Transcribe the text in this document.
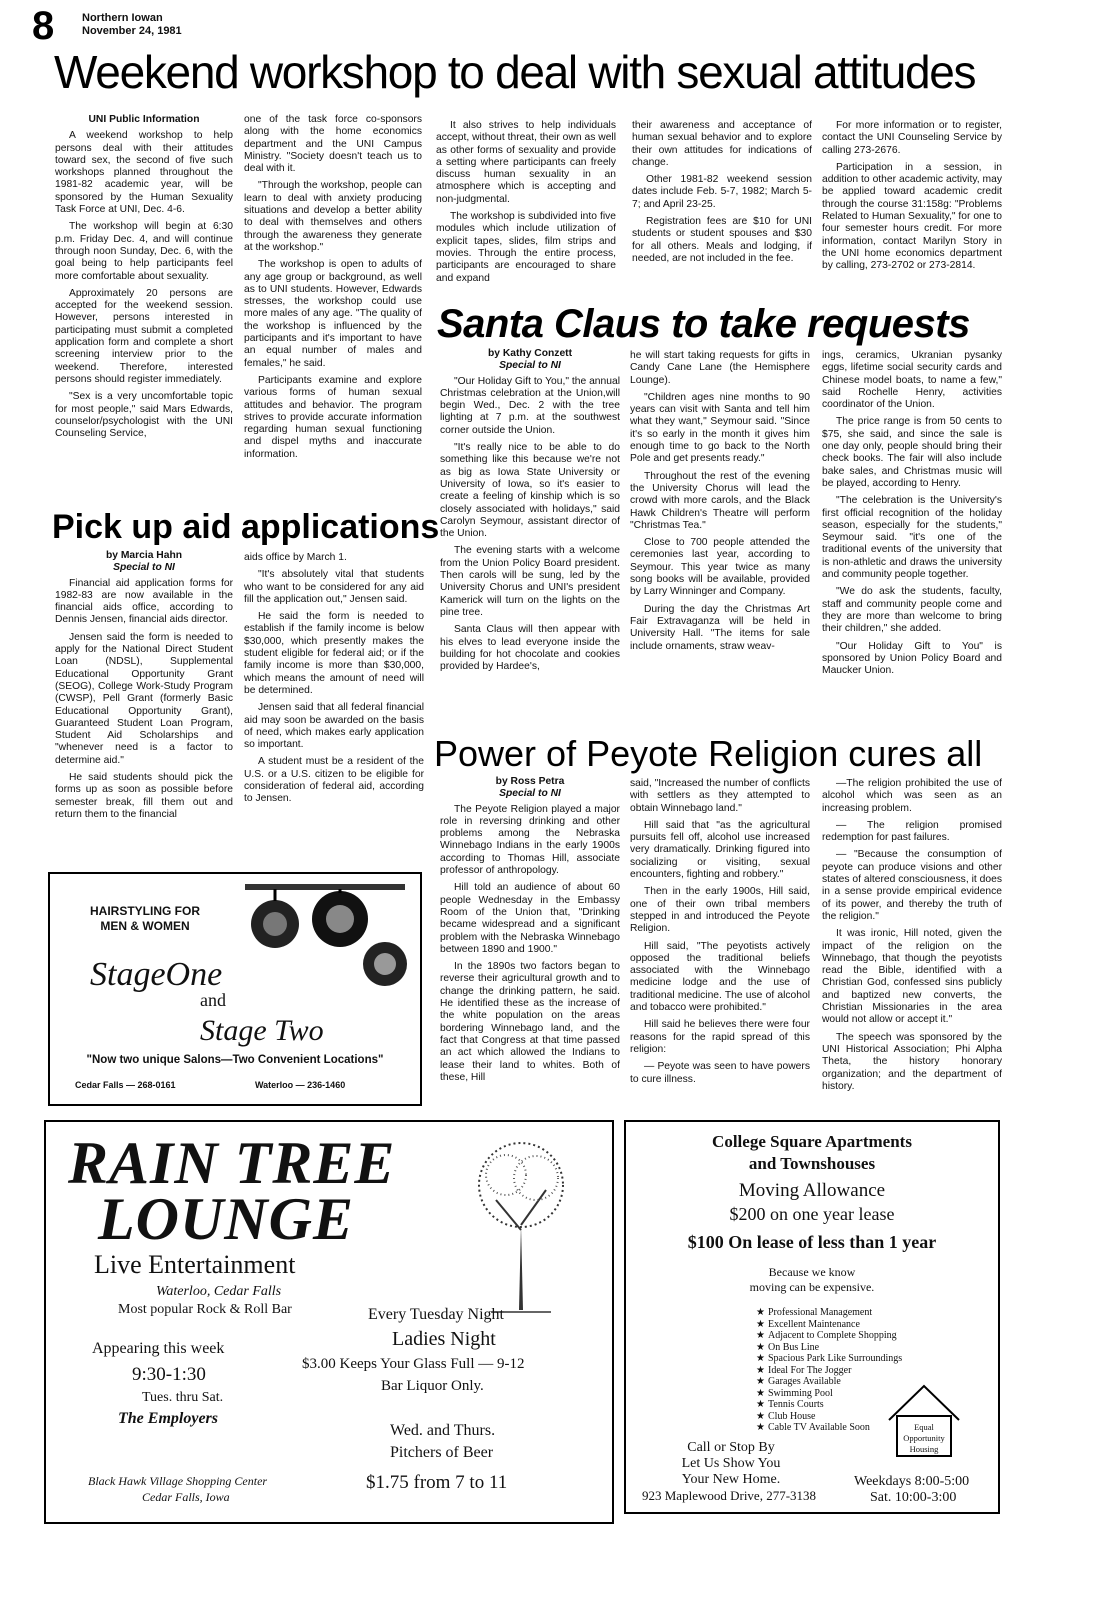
8	Northern Iowan
November 24, 1981
Weekend workshop to deal with sexual attitudes

UNI Public Information

A weekend workshop to help persons deal with their attitudes toward sex, the second of five such workshops planned throughout the 1981-82 academic year, will be sponsored by the Human Sexuality Task Force at UNI, Dec. 4-6.

The workshop will begin at 6:30 p.m. Friday Dec. 4, and will continue through noon Sunday, Dec. 6, with the goal being to help participants feel more comfortable about sexuality.

Approximately 20 persons are accepted for the weekend session. However, persons interested in participating must submit a completed application form and complete a short screening interview prior to the weekend. Therefore, interested persons should register immediately.

"Sex is a very uncomfortable topic for most people," said Mars Edwards, counselor/psychologist with the UNI Counseling Service,

one of the task force co-sponsors along with the home economics department and the UNI Campus Ministry. "Society doesn't teach us to deal with it.

"Through the workshop, people can learn to deal with anxiety producing situations and develop a better ability to deal with themselves and others through the awareness they generate at the workshop."

The workshop is open to adults of any age group or background, as well as to UNI students. However, Edwards stresses, the workshop could use more males of any age. "The quality of the workshop is influenced by the participants and it's important to have an equal number of males and females," he said.

Participants examine and explore various forms of human sexual attitudes and behavior. The program strives to provide accurate information regarding human sexual functioning and dispel myths and inaccurate information.

It also strives to help individuals accept, without threat, their own as well as other forms of sexuality and provide a setting where participants can freely discuss human sexuality in an atmosphere which is accepting and non-judgmental.

The workshop is subdivided into five modules which include utilization of explicit tapes, slides, film strips and movies. Through the entire process, participants are encouraged to share and expand

their awareness and acceptance of human sexual behavior and to explore their own attitudes for indications of change.

Other 1981-82 weekend session dates include Feb. 5-7, 1982; March 5-7; and April 23-25.

Registration fees are $10 for UNI students or student spouses and $30 for all others. Meals and lodging, if needed, are not included in the fee.

For more information or to register, contact the UNI Counseling Service by calling 273-2676.

Participation in a session, in addition to other academic activity, may be applied toward academic credit through the course 31:158g: "Problems Related to Human Sexuality," for one to four semester hours credit. For more information, contact Marilyn Story in the UNI home economics department by calling, 273-2702 or 273-2814.

Santa Claus to take requests

by Kathy Conzett

Special to NI

"Our Holiday Gift to You," the annual Christmas celebration at the Union,will begin Wed., Dec. 2 with the tree lighting at 7 p.m. at the southwest corner outside the Union.

"It's really nice to be able to do something like this because we're not as big as Iowa State University or University of Iowa, so it's easier to create a feeling of kinship which is so closely associated with holidays," said Carolyn Seymour, assistant director of the Union.

The evening starts with a welcome from the Union Policy Board president. Then carols will be sung, led by the University Chorus and UNI's president Kamerick will turn on the lights on the pine tree.

Santa Claus will then appear with his elves to lead everyone inside the building for hot chocolate and cookies provided by Hardee's,

he will start taking requests for gifts in Candy Cane Lane (the Hemisphere Lounge).

"Children ages nine months to 90 years can visit with Santa and tell him what they want," Seymour said. "Since it's so early in the month it gives him enough time to go back to the North Pole and get presents ready."

Throughout the rest of the evening the University Chorus will lead the crowd with more carols, and the Black Hawk Children's Theatre will perform "Christmas Tea."

Close to 700 people attended the ceremonies last year, according to Seymour. This year twice as many song books will be available, provided by Larry Winninger and Company.

During the day the Christmas Art Fair Extravaganza will be held in University Hall. "The items for sale include ornaments, straw weav-

ings, ceramics, Ukranian pysanky eggs, lifetime social security cards and Chinese model boats, to name a few," said Rochelle Henry, activities coordinator of the Union.

The price range is from 50 cents to $75, she said, and since the sale is one day only, people should bring their check books. The fair will also include bake sales, and Christmas music will be played, according to Henry.

"The celebration is the University's first official recognition of the holiday season, especially for the students," Seymour said. "it's one of the traditional events of the university that is non-athletic and draws the university and community people together.

"We do ask the students, faculty, staff and community people come and they are more than welcome to bring their children," she added.

"Our Holiday Gift to You" is sponsored by Union Policy Board and Maucker Union.

Pick up aid applications

by Marcia Hahn

Special to NI

Financial aid application forms for 1982-83 are now available in the financial aids office, according to Dennis Jensen, financial aids director.

Jensen said the form is needed to apply for the National Direct Student Loan (NDSL), Supplemental Educational Opportunity Grant (SEOG), College Work-Study Program (CWSP), Pell Grant (formerly Basic Educational Opportunity Grant), Guaranteed Student Loan Program, Student Aid Scholarships and "whenever need is a factor to determine aid."

He said students should pick the forms up as soon as possible before semester break, fill them out and return them to the financial

aids office by March 1.

"It's absolutely vital that students who want to be considered for any aid fill the application out," Jensen said.

He said the form is needed to establish if the family income is below $30,000, which presently makes the student eligible for federal aid; or if the family income is more than $30,000, which means the amount of need will be determined.

Jensen said that all federal financial aid may soon be awarded on the basis of need, which makes early application so important.

A student must be a resident of the U.S. or a U.S. citizen to be eligible for consideration of federal aid, according to Jensen.

Power of Peyote Religion cures all

by Ross Petra

Special to NI

The Peyote Religion played a major role in reversing drinking and other problems among the Nebraska Winnebago Indians in the early 1900s according to Thomas Hill, associate professor of anthropology.

Hill told an audience of about 60 people Wednesday in the Embassy Room of the Union that, "Drinking became widespread and a significant problem with the Nebraska Winnebago between 1890 and 1900."

In the 1890s two factors began to reverse their agricultural growth and to change the drinking pattern, he said. He identified these as the increase of the white population on the areas bordering Winnebago land, and the fact that Congress at that time passed an act which allowed the Indians to lease their land to whites. Both of these, Hill

said, "Increased the number of conflicts with settlers as they attempted to obtain Winnebago land."

Hill said that "as the agricultural pursuits fell off, alcohol use increased very dramatically. Drinking figured into socializing or visiting, sexual encounters, fighting and robbery."

Then in the early 1900s, Hill said, one of their own tribal members stepped in and introduced the Peyote Religion.

Hill said, "The peyotists actively opposed the traditional beliefs associated with the Winnebago medicine lodge and the use of traditional medicine. The use of alcohol and tobacco were prohibited."

Hill said he believes there were four reasons for the rapid spread of this religion:

— Peyote was seen to have powers to cure illness.

—The religion prohibited the use of alcohol which was seen as an increasing problem.

— The religion promised redemption for past failures.

— "Because the consumption of peyote can produce visions and other states of altered consciousness, it does in a sense provide empirical evidence of its power, and thereby the truth of the religion."

It was ironic, Hill noted, given the impact of the religion on the Winnebago, that though the peyotists read the Bible, identified with a Christian God, confessed sins publicly and baptized new converts, the Christian Missionaries in the area would not allow or accept it."

The speech was sponsored by the UNI Historical Association; Phi Alpha Theta, the history honorary organization; and the department of history.

HAIRSTYLING FOR
MEN & WOMEN
StageOne
and
Stage Two
"Now two unique Salons—Two Convenient Locations"
Cedar Falls — 268-0161	Waterloo — 236-1460
RAIN TREE
LOUNGE
Live Entertainment
Waterloo, Cedar Falls
Most popular Rock & Roll Bar
Appearing this week
9:30-1:30
Tues. thru Sat.
The Employers
Every Tuesday Night
Ladies Night
$3.00 Keeps Your Glass Full — 9-12
Bar Liquor Only.
Wed. and Thurs.
Pitchers of Beer
$1.75 from 7 to 11
Black Hawk Village Shopping Center
Cedar Falls, Iowa
College Square Apartments
and Townshouses
Moving Allowance
$200 on one year lease
$100 On lease of less than 1 year
Because we know
moving can be expensive.
★ Professional Management
★ Excellent Maintenance
★ Adjacent to Complete Shopping
★ On Bus Line
★ Spacious Park Like Surroundings
★ Ideal For The Jogger
★ Garages Available
★ Swimming Pool
★ Tennis Courts
★ Club House
★ Cable TV Available Soon	Equal
Opportunity
Housing
Call or Stop By
Let Us Show You
Your New Home.
923 Maplewood Drive, 277-3138
Weekdays 8:00-5:00
Sat. 10:00-3:00
